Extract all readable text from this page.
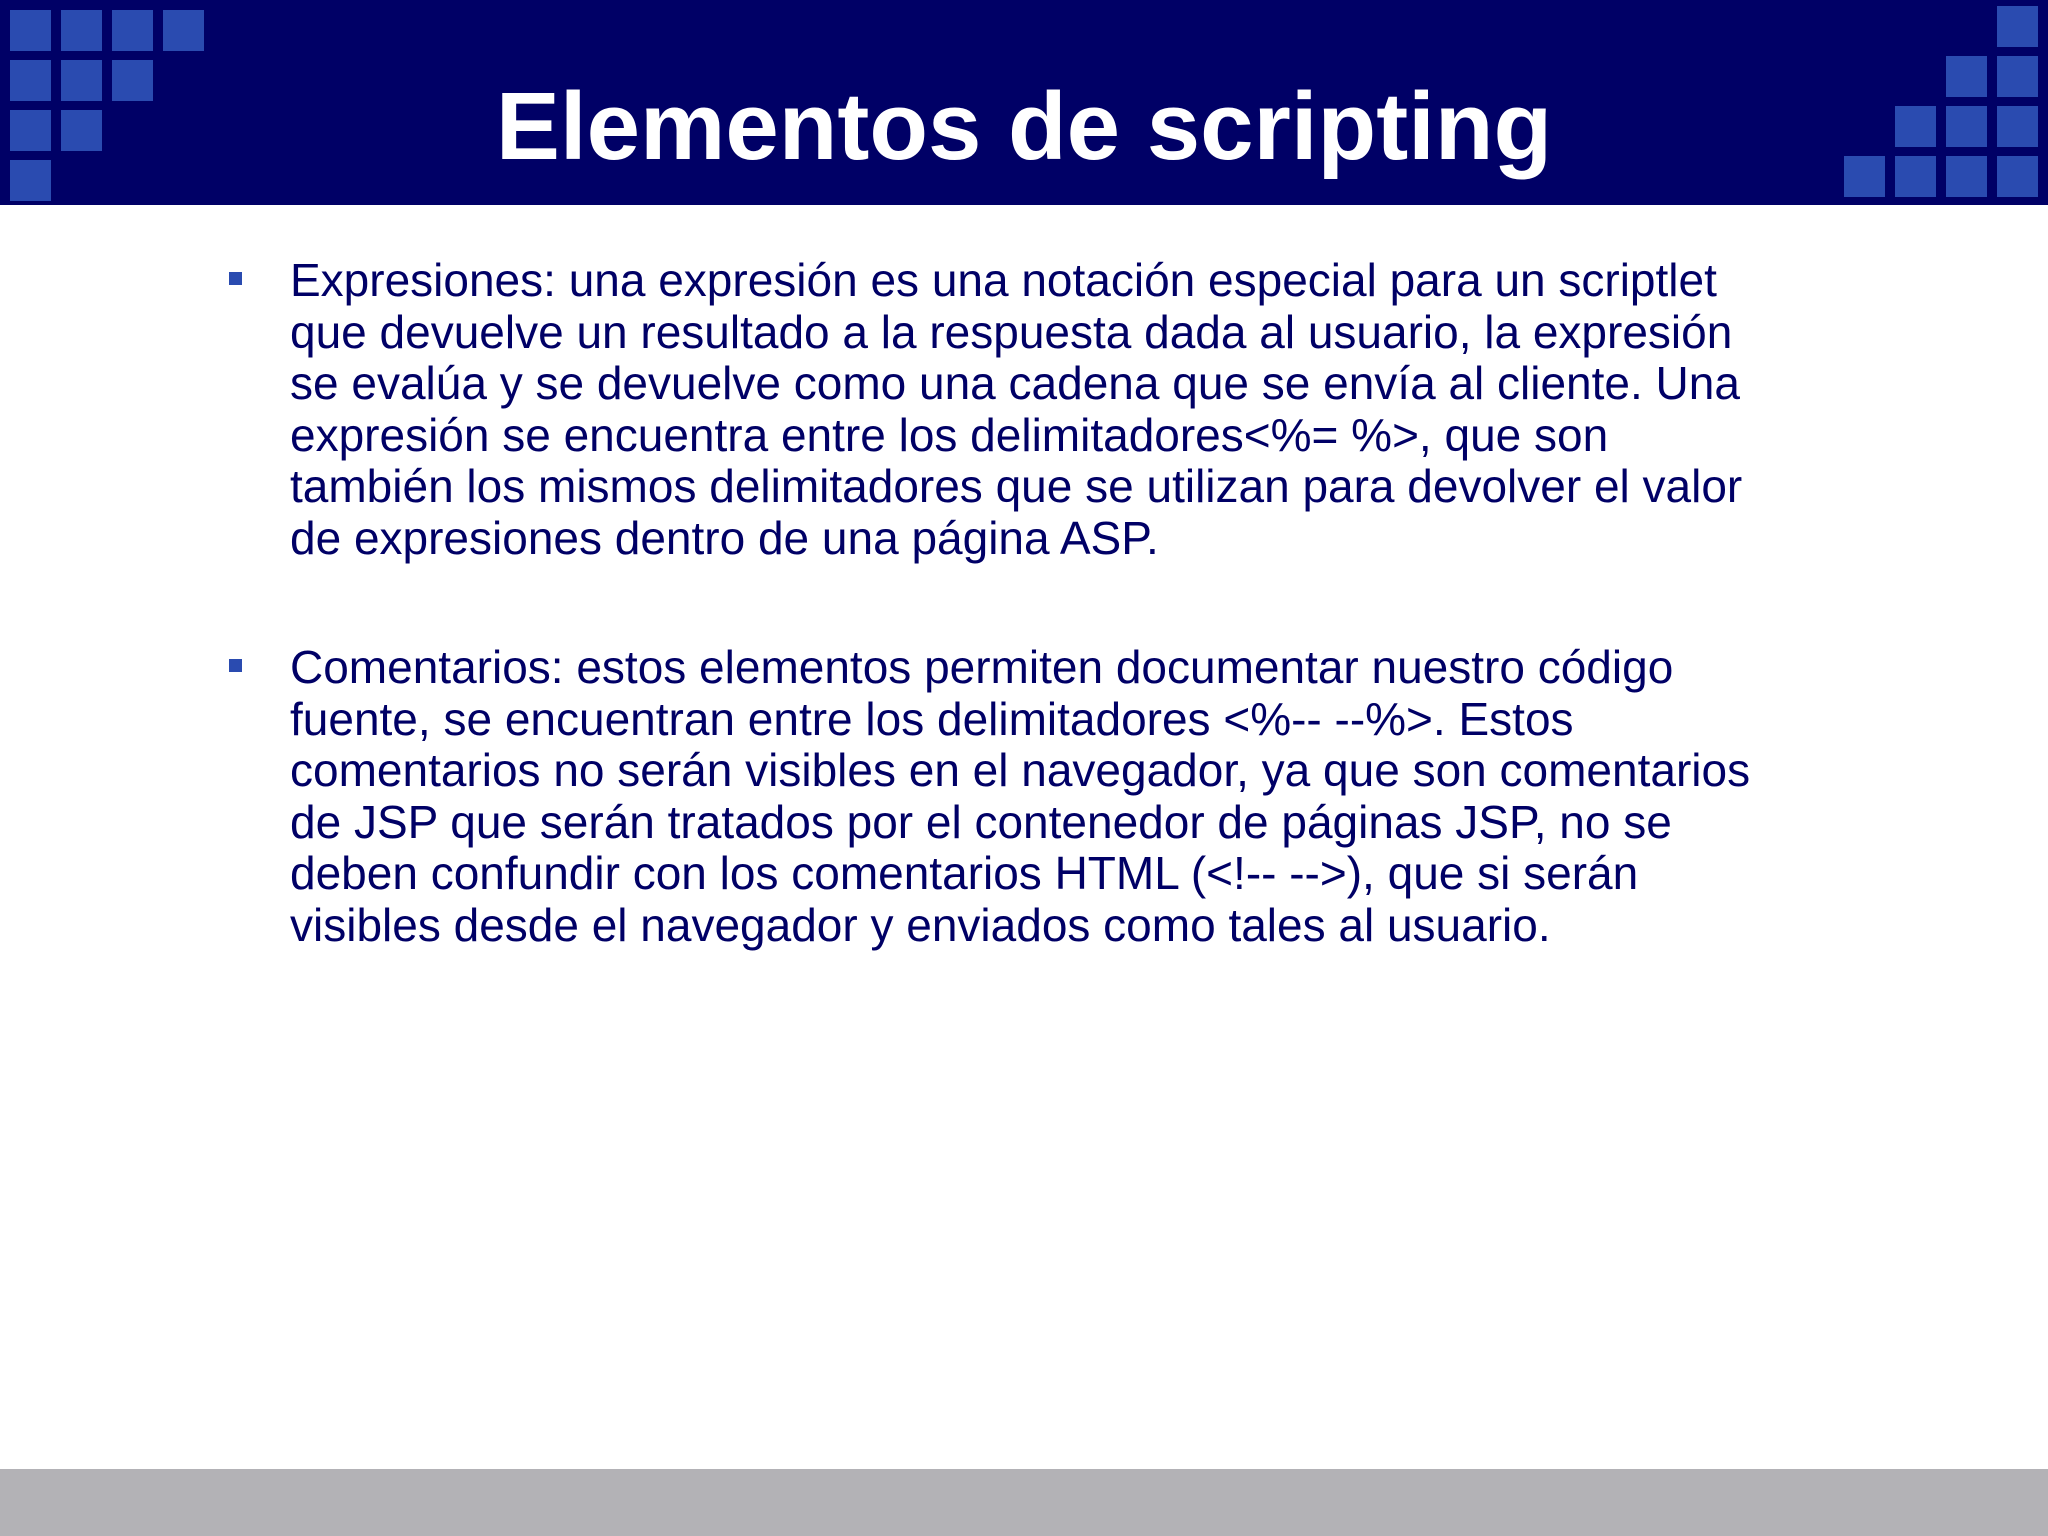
Elementos de scripting
Expresiones: una expresión es una notación especial para un scriptlet
que devuelve un resultado a la respuesta dada al usuario, la expresión
se evalúa y se devuelve como una cadena que se envía al cliente. Una
expresión se encuentra entre los delimitadores<%= %>, que son
también los mismos delimitadores que se utilizan para devolver el valor
de expresiones dentro de una página ASP.
Comentarios: estos elementos permiten documentar nuestro código
fuente, se encuentran entre los delimitadores <%-- --%>. Estos
comentarios no serán visibles en el navegador, ya que son comentarios
de JSP que serán tratados por el contenedor de páginas JSP, no se
deben confundir con los comentarios HTML (<!-- -->), que si serán
visibles desde el navegador y enviados como tales al usuario.
